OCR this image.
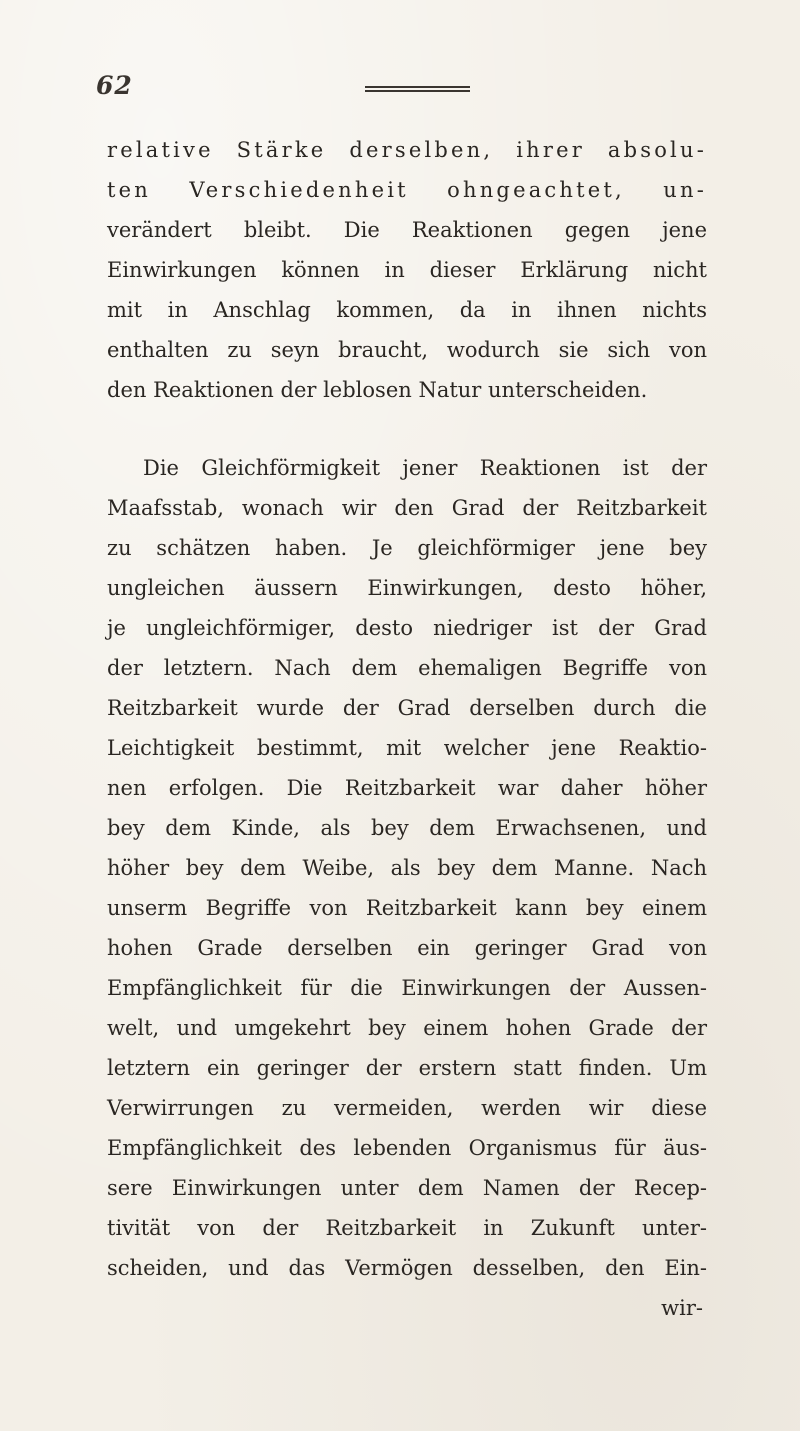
62
relative Stärke derselben, ihrer absolu-
ten Verschiedenheit ohngeachtet, un-
verändert bleibt. Die Reaktionen gegen jene
Einwirkungen können in dieser Erklärung nicht
mit in Anschlag kommen, da in ihnen nichts
enthalten zu seyn braucht, wodurch sie sich von
den Reaktionen der leblosen Natur unterscheiden.
Die Gleichförmigkeit jener Reaktionen ist der
Maafsstab, wonach wir den Grad der Reitzbarkeit
zu schätzen haben. Je gleichförmiger jene bey
ungleichen äussern Einwirkungen, desto höher,
je ungleichförmiger, desto niedriger ist der Grad
der letztern. Nach dem ehemaligen Begriffe von
Reitzbarkeit wurde der Grad derselben durch die
Leichtigkeit bestimmt, mit welcher jene Reaktio-
nen erfolgen. Die Reitzbarkeit war daher höher
bey dem Kinde, als bey dem Erwachsenen, und
höher bey dem Weibe, als bey dem Manne. Nach
unserm Begriffe von Reitzbarkeit kann bey einem
hohen Grade derselben ein geringer Grad von
Empfänglichkeit für die Einwirkungen der Aussen-
welt, und umgekehrt bey einem hohen Grade der
letztern ein geringer der erstern statt finden. Um
Verwirrungen zu vermeiden, werden wir diese
Empfänglichkeit des lebenden Organismus für äus-
sere Einwirkungen unter dem Namen der Recep-
tivität von der Reitzbarkeit in Zukunft unter-
scheiden, und das Vermögen desselben, den Ein-
wir-
